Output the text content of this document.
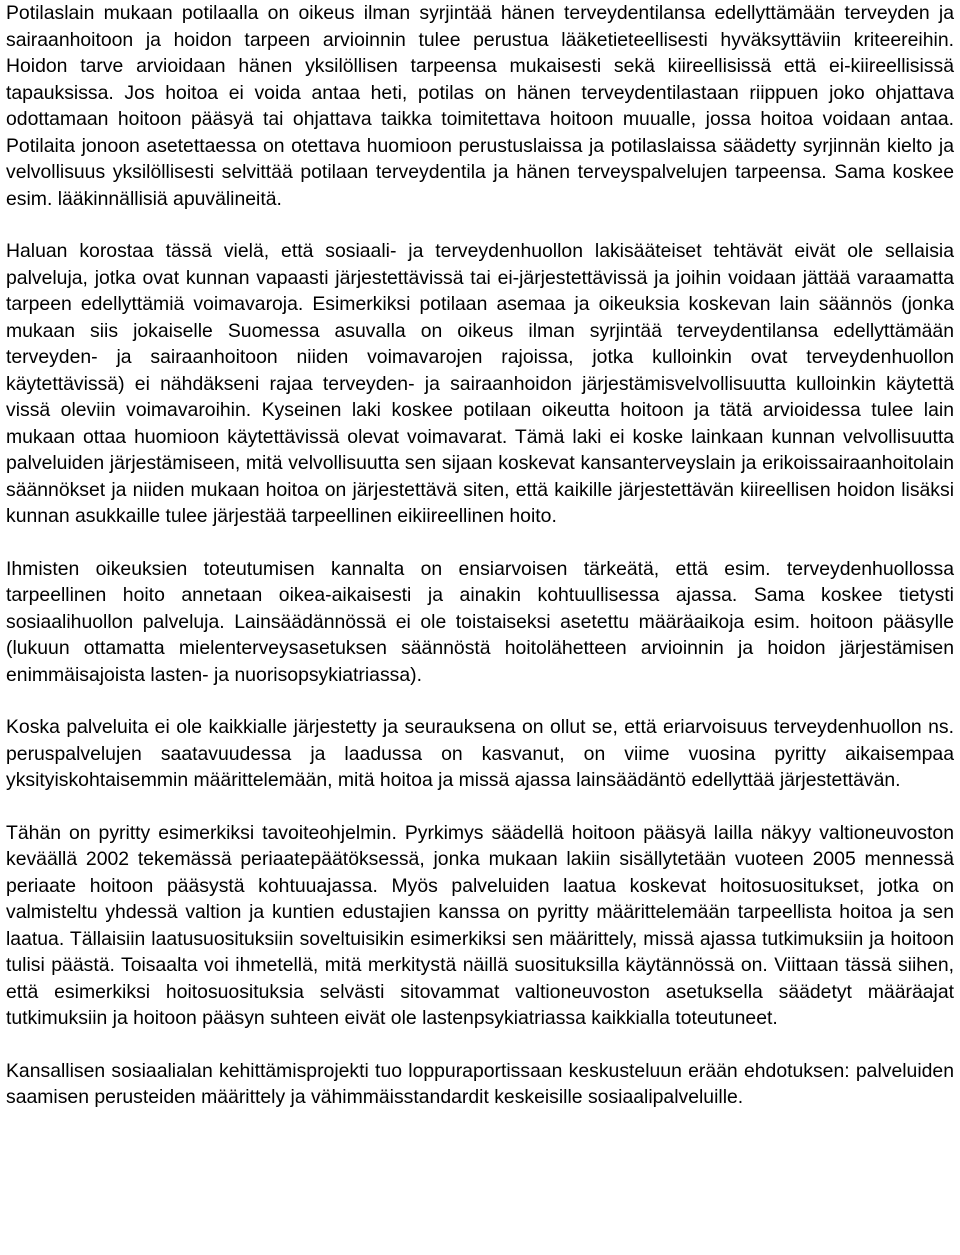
Potilaslain mukaan potilaalla on oikeus ilman syrjintää hänen terveydentilansa edellyttämään terveyden ja sairaanhoitoon ja hoidon tarpeen arvioinnin tulee perustua lääketieteellisesti hyväksyttäviin kriteereihin. Hoidon tarve arvioidaan hänen yksilöllisen tarpeensa mukaisesti sekä kiireellisissä että ei-kiireellisissä tapauksissa. Jos hoitoa ei voida antaa heti, potilas on hänen terveydentilastaan riippuen joko ohjattava odottamaan hoitoon pääsyä tai ohjattava taikka toimitettava hoitoon muualle, jossa hoitoa voidaan antaa. Potilaita jonoon asetettaessa on otettava huomioon perustuslaissa ja potilaslaissa säädetty syrjinnän kielto ja velvollisuus yksilöllisesti selvittää potilaan terveydentila ja hänen terveyspalvelujen tarpeensa. Sama koskee esim. lääkinnällisiä apuvälineitä.

Haluan korostaa tässä vielä, että sosiaali- ja terveydenhuollon lakisääteiset tehtävät eivät ole sellaisia palveluja, jotka ovat kunnan vapaasti järjestettävissä tai ei-järjestettävissä ja joihin voidaan jättää varaamatta tarpeen edellyttämiä voimavaroja. Esimerkiksi potilaan asemaa ja oikeuksia koskevan lain säännös (jonka mukaan siis jokaiselle Suomessa asuvalla on oikeus ilman syrjintää terveydentilansa edellyttämään terveyden- ja sairaanhoitoon niiden voimavarojen rajoissa, jotka kulloinkin ovat terveydenhuollon käytettävissä) ei nähdäkseni rajaa terveyden- ja sairaanhoidon järjestämisvelvollisuutta kulloinkin käytettä vissä oleviin voimavaroihin. Kyseinen laki koskee potilaan oikeutta hoitoon ja tätä arvioidessa tulee lain mukaan ottaa huomioon käytettävissä olevat voimavarat. Tämä laki ei koske lainkaan kunnan velvollisuutta palveluiden järjestämiseen, mitä velvollisuutta sen sijaan koskevat kansanterveyslain ja erikoissairaanhoitolain säännökset ja niiden mukaan hoitoa on järjestettävä siten, että kaikille järjestettävän kiireellisen hoidon lisäksi kunnan asukkaille tulee järjestää tarpeellinen eikiireellinen hoito.

Ihmisten oikeuksien toteutumisen kannalta on ensiarvoisen tärkeätä, että esim. terveydenhuollossa tarpeellinen hoito annetaan oikea-aikaisesti ja ainakin kohtuullisessa ajassa. Sama koskee tietysti sosiaalihuollon palveluja. Lainsäädännössä ei ole toistaiseksi asetettu määräaikoja esim. hoitoon pääsylle (lukuun ottamatta mielenterveysasetuksen säännöstä hoitolähetteen arvioinnin ja hoidon järjestämisen enimmäisajoista lasten- ja nuorisopsykiatriassa).

Koska palveluita ei ole kaikkialle järjestetty ja seurauksena on ollut se, että eriarvoisuus terveydenhuollon ns. peruspalvelujen saatavuudessa ja laadussa on kasvanut, on viime vuosina pyritty aikaisempaa yksityiskohtaisemmin määrittelemään, mitä hoitoa ja missä ajassa lainsäädäntö edellyttää järjestettävän.

Tähän on pyritty esimerkiksi tavoiteohjelmin. Pyrkimys säädellä hoitoon pääsyä lailla näkyy valtioneuvoston keväällä 2002 tekemässä periaatepäätöksessä, jonka mukaan lakiin sisällytetään vuoteen 2005 mennessä periaate hoitoon pääsystä kohtuuajassa. Myös palveluiden laatua koskevat hoitosuositukset, jotka on valmisteltu yhdessä valtion ja kuntien edustajien kanssa on pyritty määrittelemään tarpeellista hoitoa ja sen laatua. Tällaisiin laatusuosituksiin soveltuisikin esimerkiksi sen määrittely, missä ajassa tutkimuksiin ja hoitoon tulisi päästä. Toisaalta voi ihmetellä, mitä merkitystä näillä suosituksilla käytännössä on. Viittaan tässä siihen, että esimerkiksi hoitosuosituksia selvästi sitovammat valtioneuvoston asetuksella säädetyt määräajat tutkimuksiin ja hoitoon pääsyn suhteen eivät ole lastenpsykiatriassa kaikkialla toteutuneet.

Kansallisen sosiaalialan kehittämisprojekti tuo loppuraportissaan keskusteluun erään ehdotuksen: palveluiden saamisen perusteiden määrittely ja vähimmäisstandardit keskeisille sosiaalipalveluille.
